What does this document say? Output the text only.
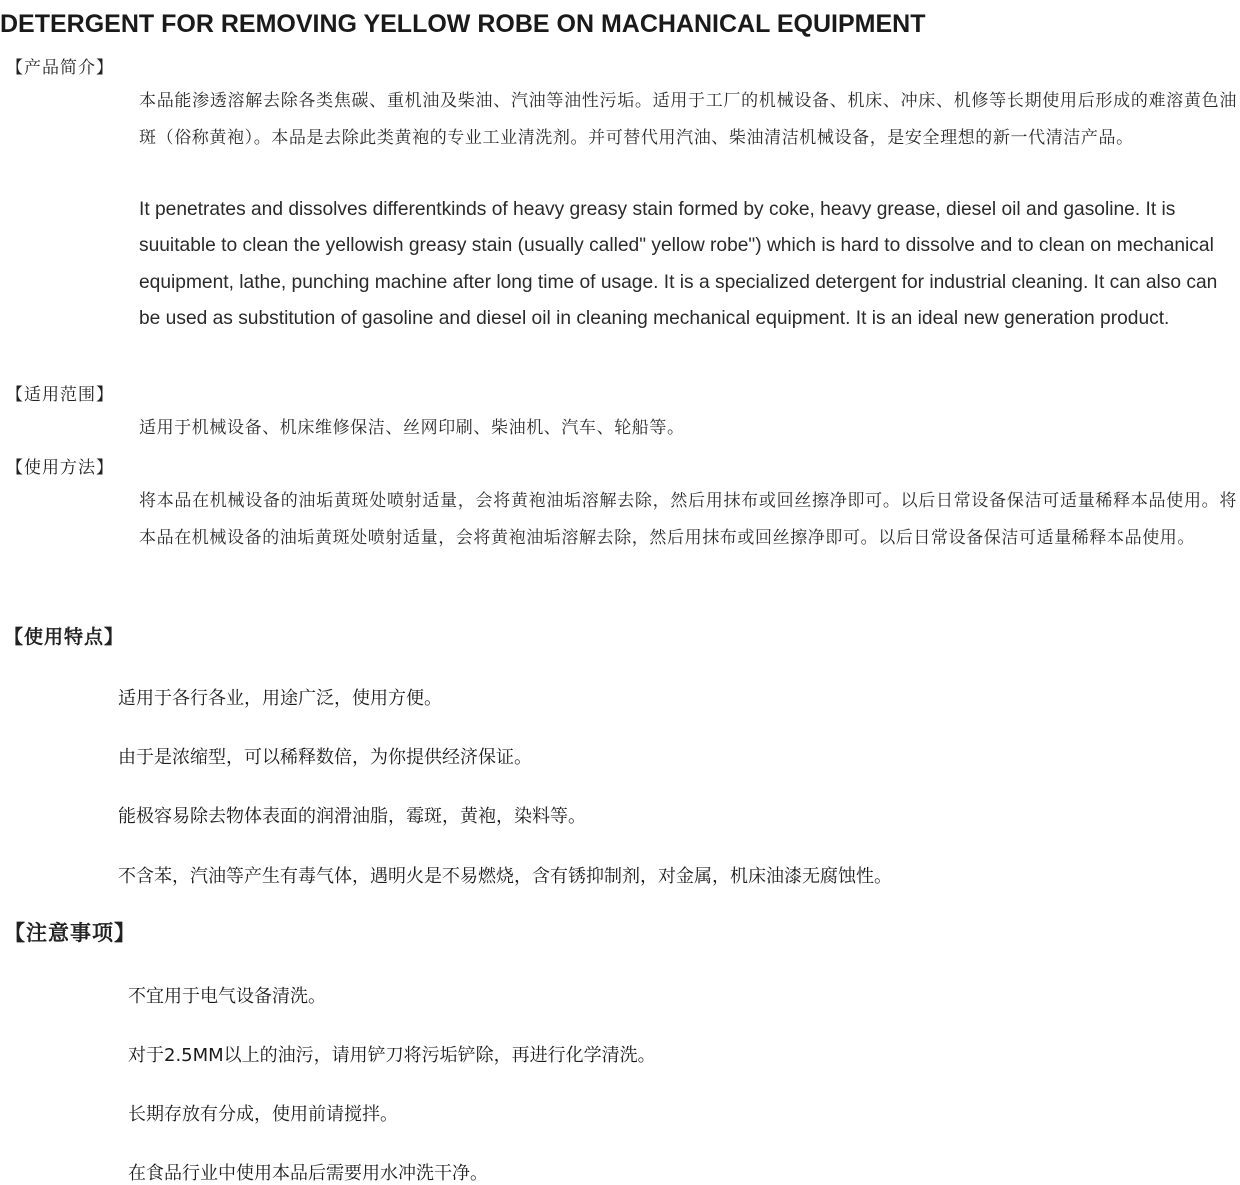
DETERGENT FOR REMOVING YELLOW ROBE ON MACHANICAL EQUIPMENT
【产品简介】

本品能渗透溶解去除各类焦碳、重机油及柴油、汽油等油性污垢。适用于工厂的机械设备、机床、冲床、机修等长期使用后形成的难溶黄色油斑（俗称黄袍）。本品是去除此类黄袍的专业工业清洗剂。并可替代用汽油、柴油清洁机械设备，是安全理想的新一代清洁产品。

It penetrates and dissolves differentkinds of heavy greasy stain formed by coke, heavy grease, diesel oil and gasoline. It is suuitable to clean the yellowish greasy stain (usually called" yellow robe") which is hard to dissolve and to clean on mechanical equipment, lathe, punching machine after long time of usage. It is a specialized detergent for industrial cleaning. It can also can be used as substitution of gasoline and diesel oil in cleaning mechanical equipment. It is an ideal new generation product.

【适用范围】

适用于机械设备、机床维修保洁、丝网印刷、柴油机、汽车、轮船等。

【使用方法】

将本品在机械设备的油垢黄斑处喷射适量，会将黄袍油垢溶解去除，然后用抹布或回丝擦净即可。以后日常设备保洁可适量稀释本品使用。将本品在机械设备的油垢黄斑处喷射适量，会将黄袍油垢溶解去除，然后用抹布或回丝擦净即可。以后日常设备保洁可适量稀释本品使用。

【使用特点】
适用于各行各业，用途广泛，使用方便。
由于是浓缩型，可以稀释数倍，为你提供经济保证。
能极容易除去物体表面的润滑油脂，霉斑，黄袍，染料等。
不含苯，汽油等产生有毒气体，遇明火是不易燃烧，含有锈抑制剂，对金属，机床油漆无腐蚀性。
【注意事项】
不宜用于电气设备清洗。
对于2.5MM以上的油污，请用铲刀将污垢铲除，再进行化学清洗。
长期存放有分成，使用前请搅拌。
在食品行业中使用本品后需要用水冲洗干净。
